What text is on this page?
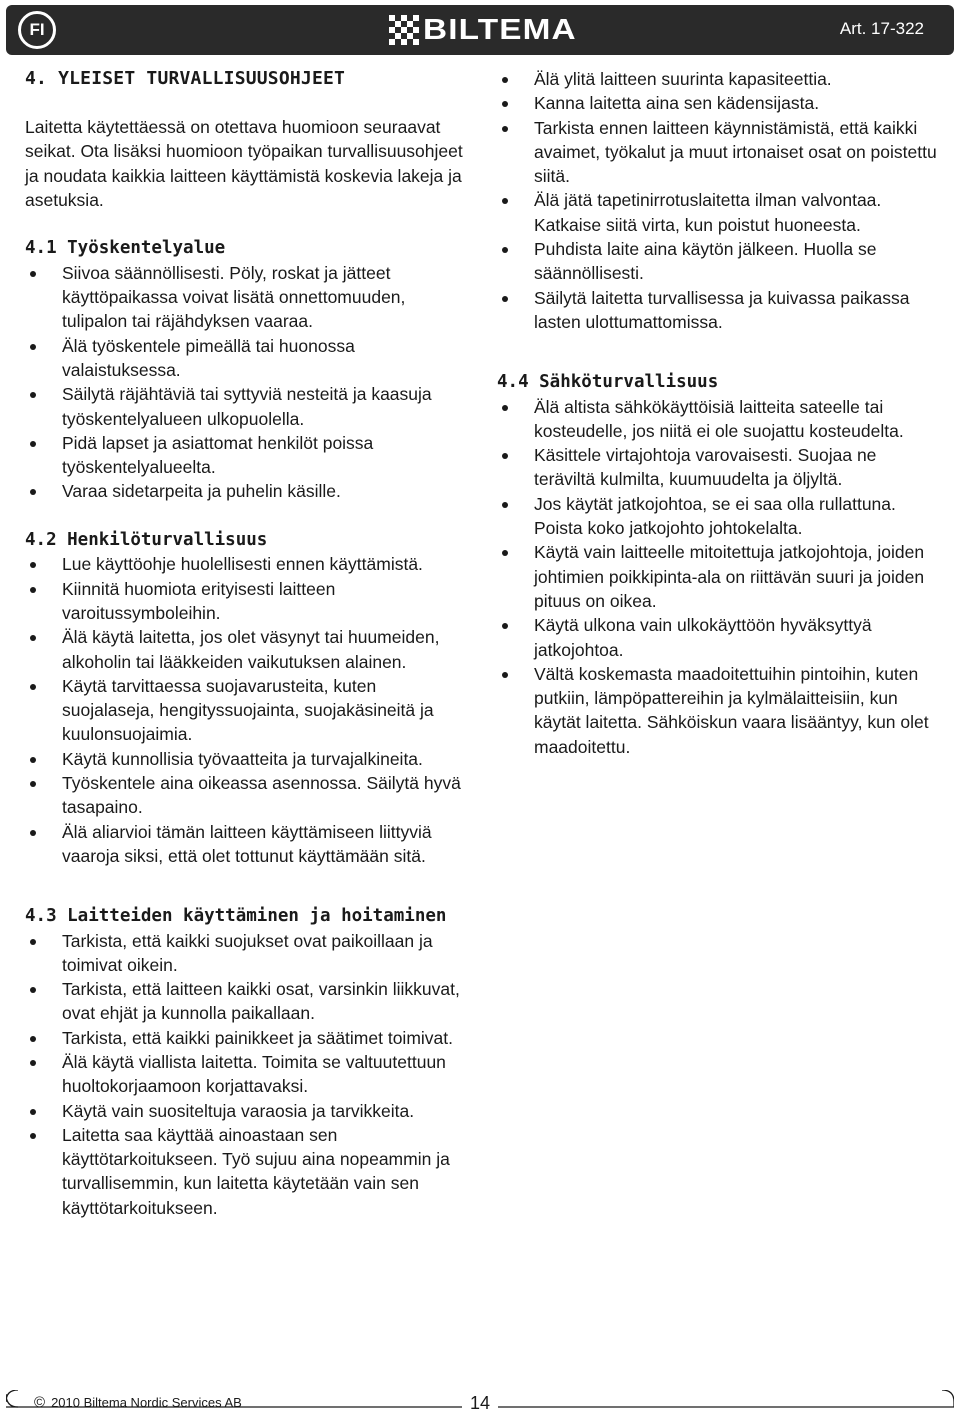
FI	BILTEMA	Art. 17-322
4. YLEISET TURVALLISUUSOHJEET

Laitetta käytettäessä on otettava huomioon seuraavat seikat. Ota lisäksi huomioon työpaikan turvallisuusohjeet ja noudata kaikkia laitteen käyttämistä koskevia lakeja ja asetuksia.

4.1 Työskentelyalue
Siivoa säännöllisesti. Pöly, roskat ja jätteet käyttöpaikassa voivat lisätä onnettomuuden, tulipalon tai räjähdyksen vaaraa.
Älä työskentele pimeällä tai huonossa valaistuksessa.
Säilytä räjähtäviä tai syttyviä nesteitä ja kaasuja työskentelyalueen ulkopuolella.
Pidä lapset ja asiattomat henkilöt poissa työskentelyalueelta.
Varaa sidetarpeita ja puhelin käsille.
4.2 Henkilöturvallisuus
Lue käyttöohje huolellisesti ennen käyttämistä.
Kiinnitä huomiota erityisesti laitteen varoitussymboleihin.
Älä käytä laitetta, jos olet väsynyt tai huumeiden, alkoholin tai lääkkeiden vaikutuksen alainen.
Käytä tarvittaessa suojavarusteita, kuten suojalaseja, hengityssuojainta, suojakäsineitä ja kuulonsuojaimia.
Käytä kunnollisia työvaatteita ja turvajalkineita.
Työskentele aina oikeassa asennossa. Säilytä hyvä tasapaino.
Älä aliarvioi tämän laitteen käyttämiseen liittyviä vaaroja siksi, että olet tottunut käyttämään sitä.
4.3 Laitteiden käyttäminen ja hoitaminen
Tarkista, että kaikki suojukset ovat paikoillaan ja toimivat oikein.
Tarkista, että laitteen kaikki osat, varsinkin liikkuvat, ovat ehjät ja kunnolla paikallaan.
Tarkista, että kaikki painikkeet ja säätimet toimivat.
Älä käytä viallista laitetta. Toimita se valtuutettuun huoltokorjaamoon korjattavaksi.
Käytä vain suositeltuja varaosia ja tarvikkeita.
Laitetta saa käyttää ainoastaan sen käyttötarkoitukseen. Työ sujuu aina nopeammin ja turvallisemmin, kun laitetta käytetään vain sen käyttötarkoitukseen.
Älä ylitä laitteen suurinta kapasiteettia.
Kanna laitetta aina sen kädensijasta.
Tarkista ennen laitteen käynnistämistä, että kaikki avaimet, työkalut ja muut irtonaiset osat on poistettu siitä.
Älä jätä tapetinirrotuslaitetta ilman valvontaa. Katkaise siitä virta, kun poistut huoneesta.
Puhdista laite aina käytön jälkeen. Huolla se säännöllisesti.
Säilytä laitetta turvallisessa ja kuivassa paikassa lasten ulottumattomissa.
4.4 Sähköturvallisuus
Älä altista sähkökäyttöisiä laitteita sateelle tai kosteudelle, jos niitä ei ole suojattu kosteudelta.
Käsittele virtajohtoja varovaisesti. Suojaa ne teräviltä kulmilta, kuumuudelta ja öljyltä.
Jos käytät jatkojohtoa, se ei saa olla rullattuna. Poista koko jatkojohto johtokelalta.
Käytä vain laitteelle mitoitettuja jatkojohtoja, joiden johtimien poikkipinta-ala on riittävän suuri ja joiden pituus on oikea.
Käytä ulkona vain ulkokäyttöön hyväksyttyä jatkojohtoa.
Vältä koskemasta maadoitettuihin pintoihin, kuten putkiin, lämpöpattereihin ja kylmälaitteisiin, kun käytät laitetta. Sähköiskun vaara lisääntyy, kun olet maadoitettu.
© 2010 Biltema Nordic Services AB	14
